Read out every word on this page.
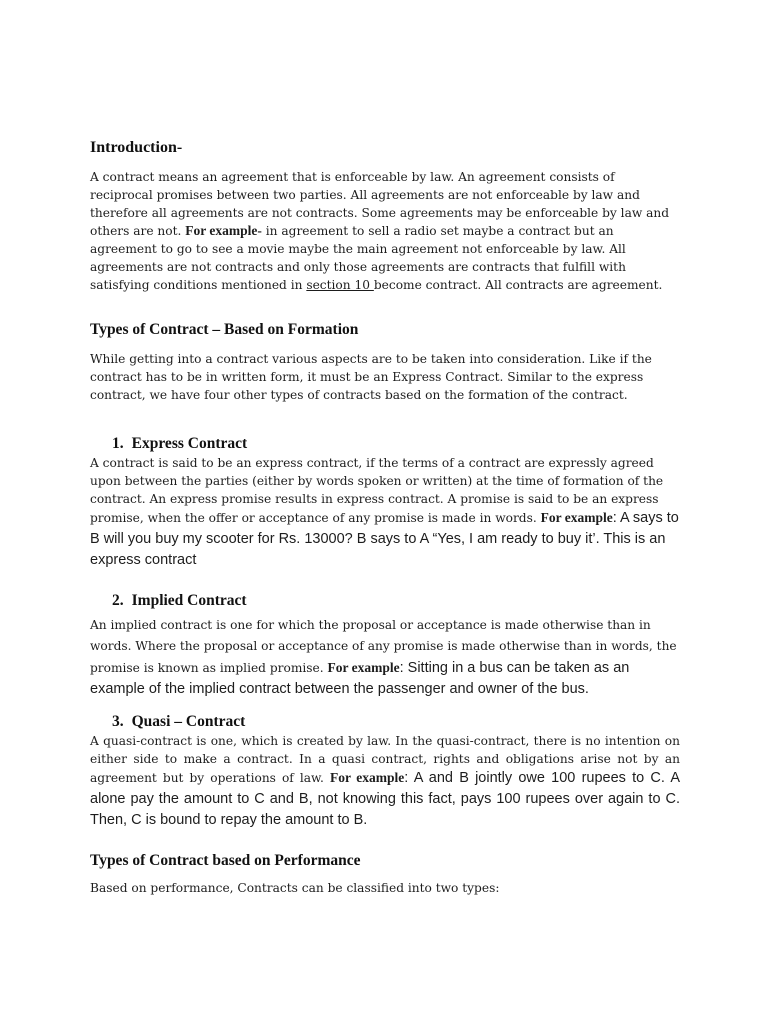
Introduction-

A contract means an agreement that is enforceable by law. An agreement consists of reciprocal promises between two parties. All agreements are not enforceable by law and therefore all agreements are not contracts. Some agreements may be enforceable by law and others are not. For example- in agreement to sell a radio set maybe a contract but an agreement to go to see a movie maybe the main agreement not enforceable by law. All agreements are not contracts and only those agreements are contracts that fulfill with satisfying conditions mentioned in section 10 become contract. All contracts are agreement.

Types of Contract – Based on Formation

While getting into a contract various aspects are to be taken into consideration. Like if the contract has to be in written form, it must be an Express Contract. Similar to the express contract, we have four other types of contracts based on the formation of the contract.

1. Express Contract

A contract is said to be an express contract, if the terms of a contract are expressly agreed upon between the parties (either by words spoken or written) at the time of formation of the contract. An express promise results in express contract. A promise is said to be an express promise, when the offer or acceptance of any promise is made in words. For example: A says to B will you buy my scooter for Rs. 13000? B says to A “Yes, I am ready to buy it’. This is an express contract

2. Implied Contract

An implied contract is one for which the proposal or acceptance is made otherwise than in words. Where the proposal or acceptance of any promise is made otherwise than in words, the promise is known as implied promise. For example: Sitting in a bus can be taken as an example of the implied contract between the passenger and owner of the bus.

3. Quasi – Contract

A quasi-contract is one, which is created by law. In the quasi-contract, there is no intention on either side to make a contract. In a quasi contract, rights and obligations arise not by an agreement but by operations of law. For example: A and B jointly owe 100 rupees to C. A alone pay the amount to C and B, not knowing this fact, pays 100 rupees over again to C. Then, C is bound to repay the amount to B.

Types of Contract based on Performance

Based on performance, Contracts can be classified into two types:
